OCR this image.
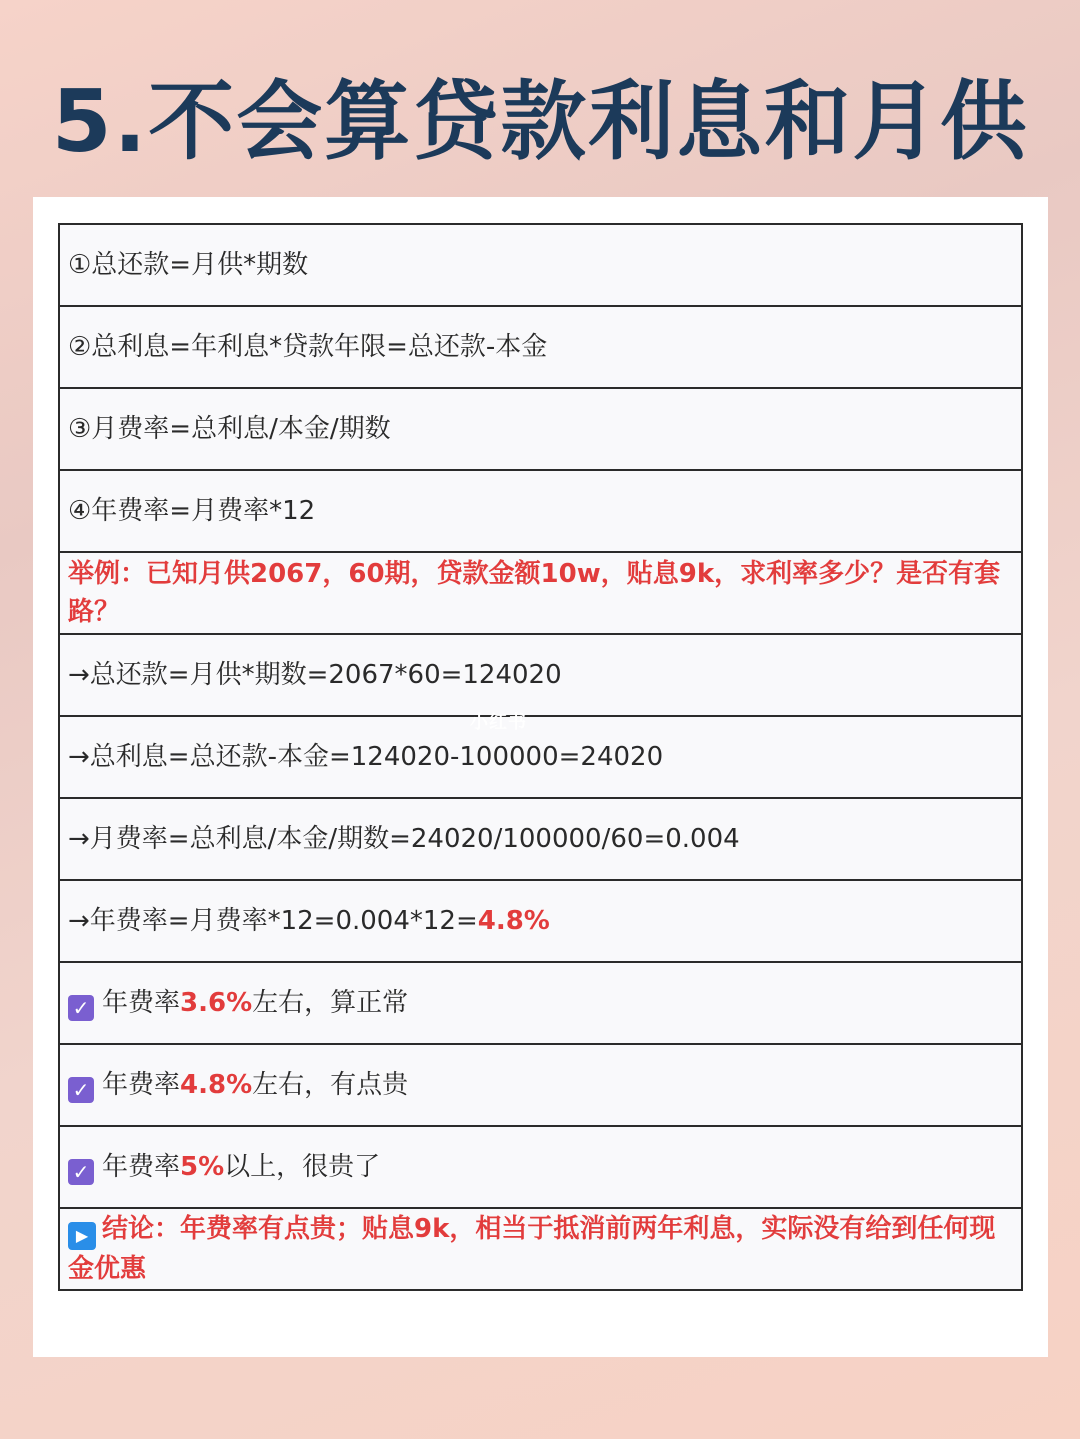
5.不会算贷款利息和月供
①总还款=月供*期数
②总利息=年利息*贷款年限=总还款-本金
③月费率=总利息/本金/期数
④年费率=月费率*12
举例：已知月供2067，60期，贷款金额10w，贴息9k，求利率多少？是否有套路？
→总还款=月供*期数=2067*60=124020
→总利息=总还款-本金=124020-100000=24020
→月费率=总利息/本金/期数=24020/100000/60=0.004
→年费率=月费率*12=0.004*12=4.8%
✓ 年费率3.6%左右，算正常
✓ 年费率4.8%左右，有点贵
✓ 年费率5%以上，很贵了
▶ 结论：年费率有点贵；贴息9k，相当于抵消前两年利息，实际没有给到任何现金优惠
小红书
